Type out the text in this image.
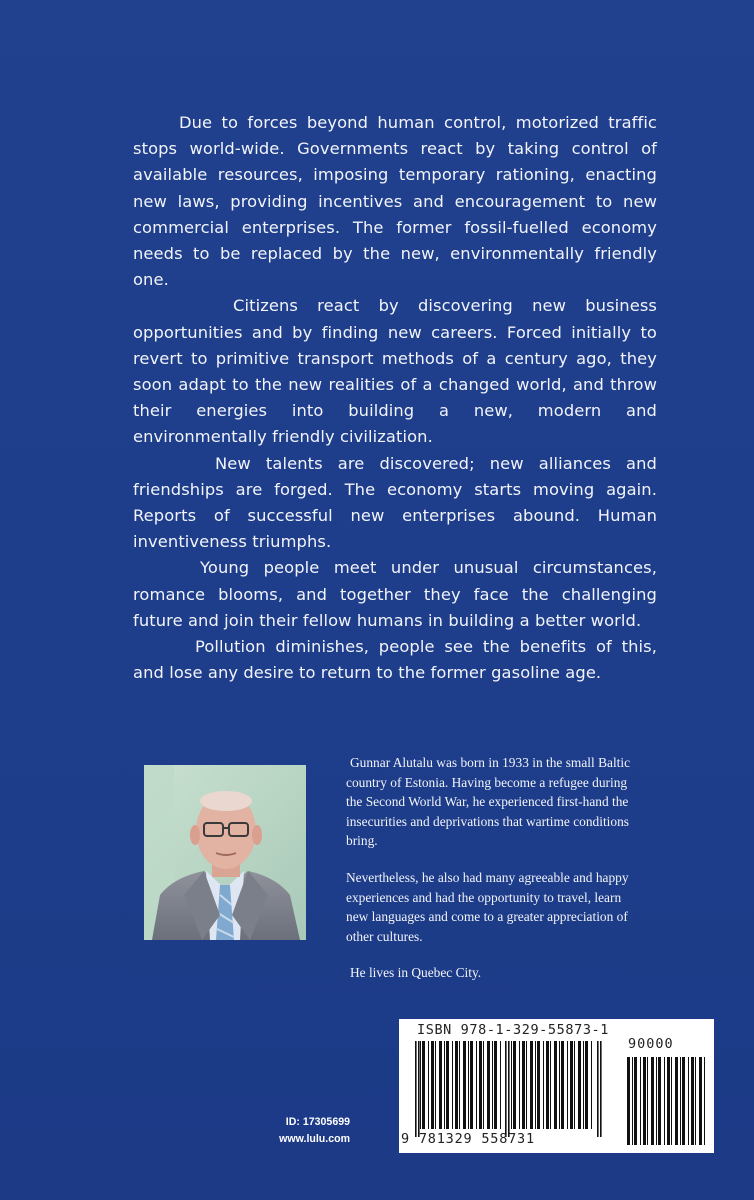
Due to forces beyond human control, motorized traffic stops world-wide. Governments react by taking control of available resources, imposing temporary rationing, enacting new laws, providing incentives and encouragement to new commercial enterprises. The former fossil-fuelled economy needs to be replaced by the new, environmentally friendly one.

Citizens react by discovering new business opportunities and by finding new careers. Forced initially to revert to primitive transport methods of a century ago, they soon adapt to the new realities of a changed world, and throw their energies into building a new, modern and environmentally friendly civilization.

New talents are discovered; new alliances and friendships are forged. The economy starts moving again. Reports of successful new enterprises abound. Human inventiveness triumphs.

Young people meet under unusual circumstances, romance blooms, and together they face the challenging future and join their fellow humans in building a better world.

Pollution diminishes, people see the benefits of this, and lose any desire to return to the former gasoline age.

Gunnar Alutalu was born in 1933 in the small Baltic country of Estonia. Having become a refugee during the Second World War, he experienced first-hand the insecurities and deprivations that wartime conditions bring.

Nevertheless, he also had many agreeable and happy experiences and had the opportunity to travel, learn new languages and come to a greater appreciation of other cultures.

He lives in Quebec City.

ID: 17305699
www.lulu.com
ISBN 978-1-329-55873-1
90000
9 781329 558731
